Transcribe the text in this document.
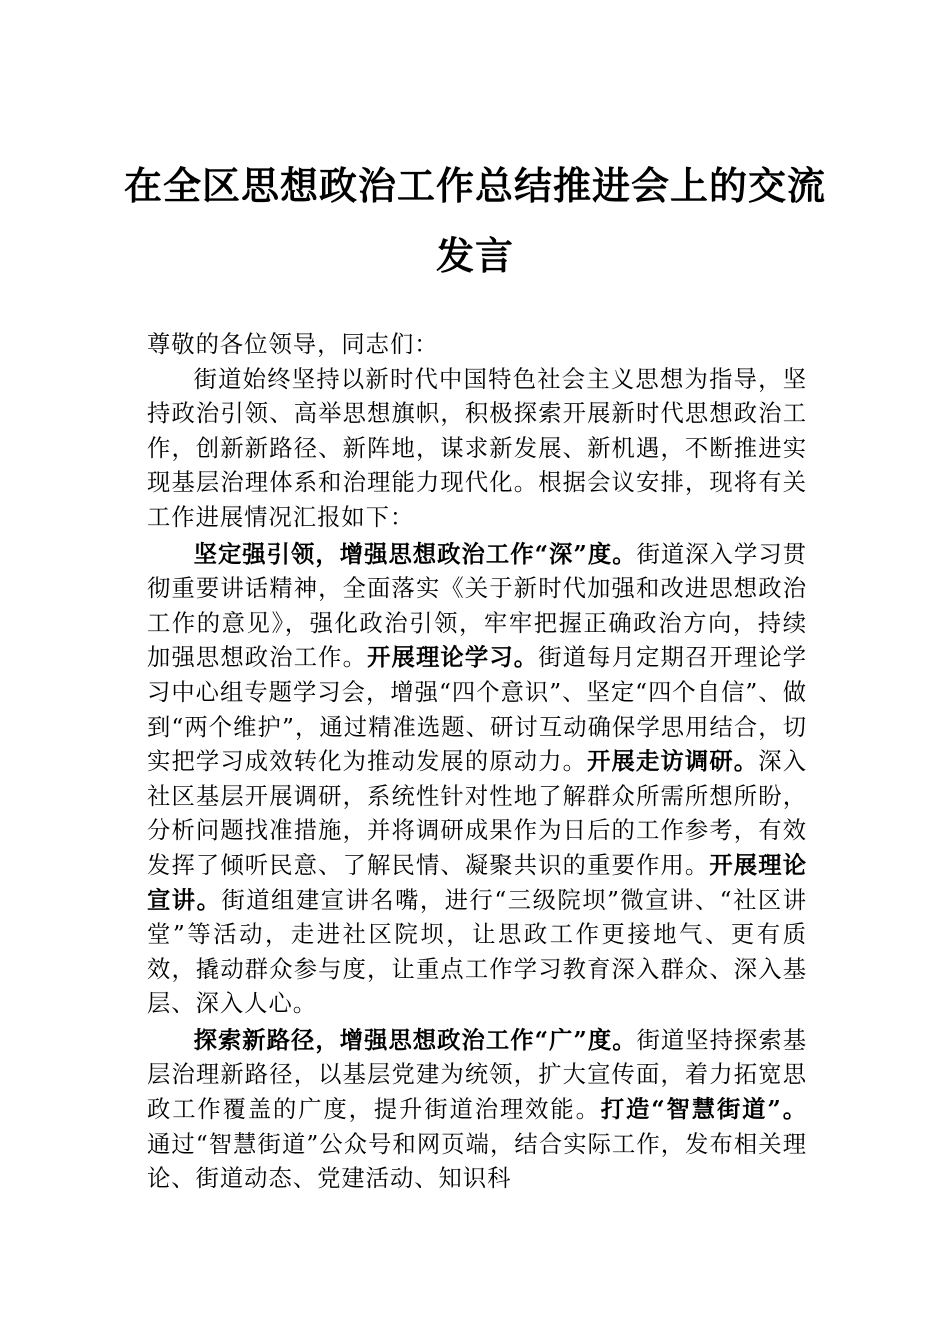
在全区思想政治工作总结推进会上的交流
发言

尊敬的各位领导，同志们：

街道始终坚持以新时代中国特色社会主义思想为指导，坚持政治引领、高举思想旗帜，积极探索开展新时代思想政治工作，创新新路径、新阵地，谋求新发展、新机遇，不断推进实现基层治理体系和治理能力现代化。根据会议安排，现将有关工作进展情况汇报如下：

坚定强引领，增强思想政治工作“深”度。街道深入学习贯彻重要讲话精神，全面落实《关于新时代加强和改进思想政治工作的意见》，强化政治引领，牢牢把握正确政治方向，持续加强思想政治工作。开展理论学习。街道每月定期召开理论学习中心组专题学习会，增强“四个意识”、坚定“四个自信”、做到“两个维护”，通过精准选题、研讨互动确保学思用结合，切实把学习成效转化为推动发展的原动力。开展走访调研。深入社区基层开展调研，系统性针对性地了解群众所需所想所盼，分析问题找准措施，并将调研成果作为日后的工作参考，有效发挥了倾听民意、了解民情、凝聚共识的重要作用。开展理论宣讲。街道组建宣讲名嘴，进行“三级院坝”微宣讲、“社区讲堂”等活动，走进社区院坝，让思政工作更接地气、更有质效，撬动群众参与度，让重点工作学习教育深入群众、深入基层、深入人心。

探索新路径，增强思想政治工作“广”度。街道坚持探索基层治理新路径，以基层党建为统领，扩大宣传面，着力拓宽思政工作覆盖的广度，提升街道治理效能。打造“智慧街道”。通过“智慧街道”公众号和网页端，结合实际工作，发布相关理论、街道动态、党建活动、知识科
